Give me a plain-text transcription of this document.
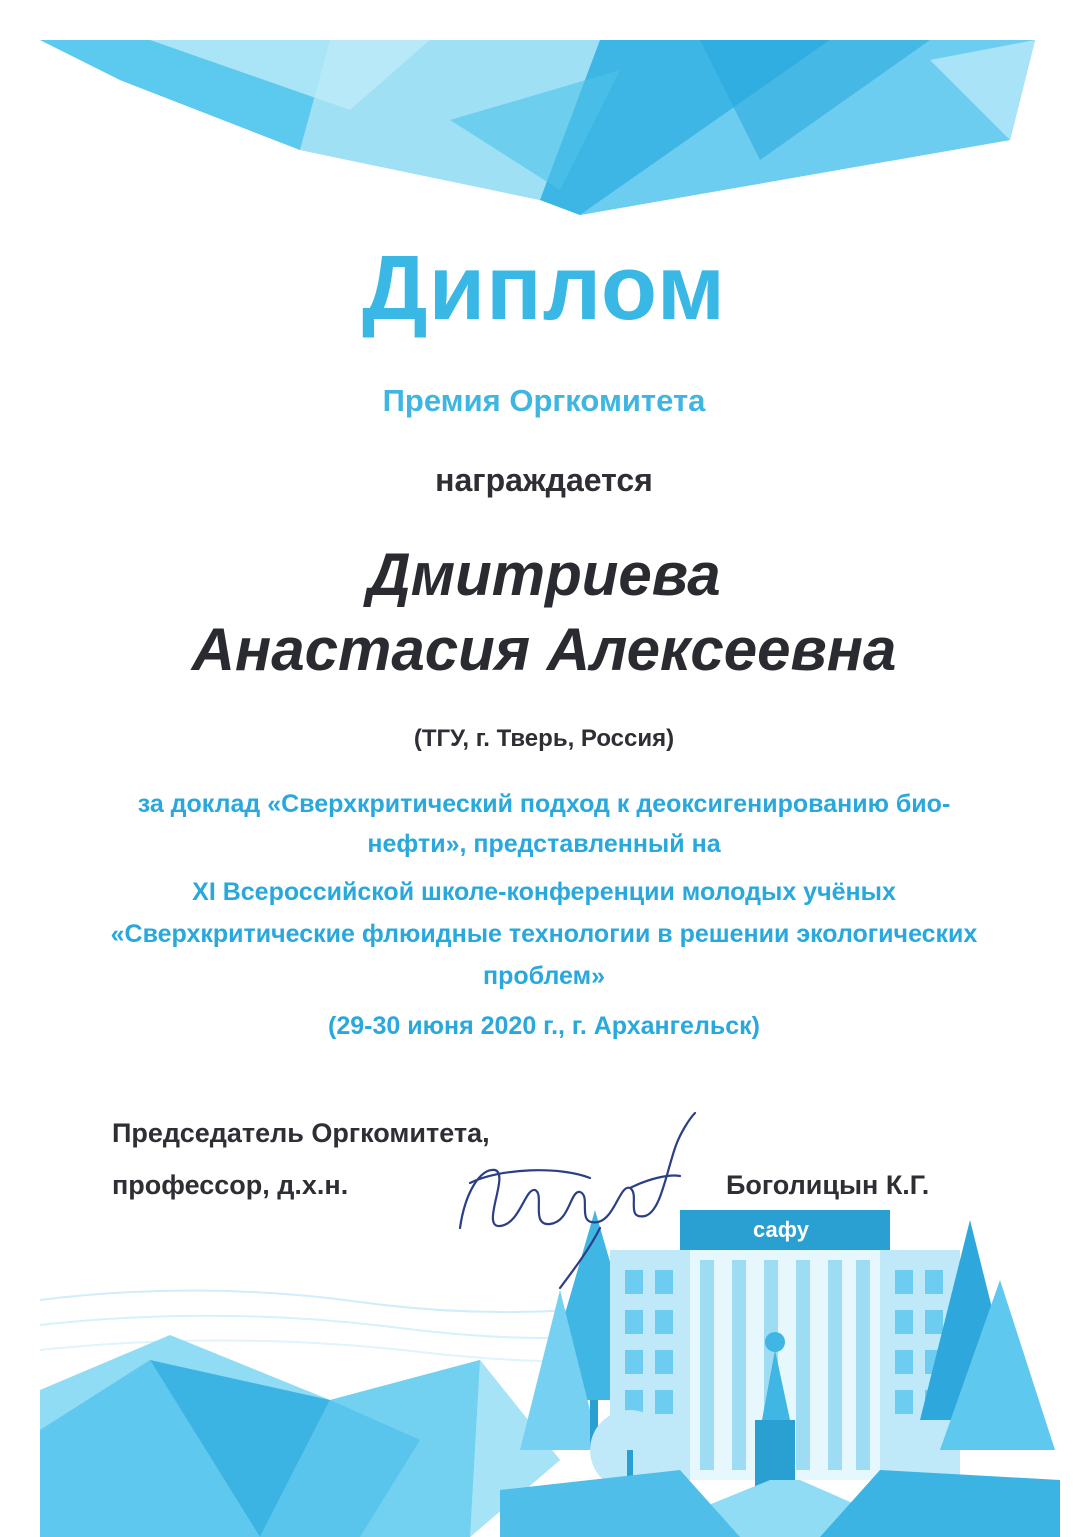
сафу
Диплом

Премия Оргкомитета

награждается

Дмитриева

Анастасия Алексеевна

(ТГУ, г. Тверь, Россия)

за доклад «Сверхкритический подход к деоксигенированию био-

нефти», представленный на

XI Всероссийской школе-конференции молодых учёных

«Сверхкритические флюидные технологии в решении экологических

проблем»

(29-30 июня 2020 г., г. Архангельск)

Председатель Оргкомитета,

профессор, д.х.н.	Боголицын К.Г.
